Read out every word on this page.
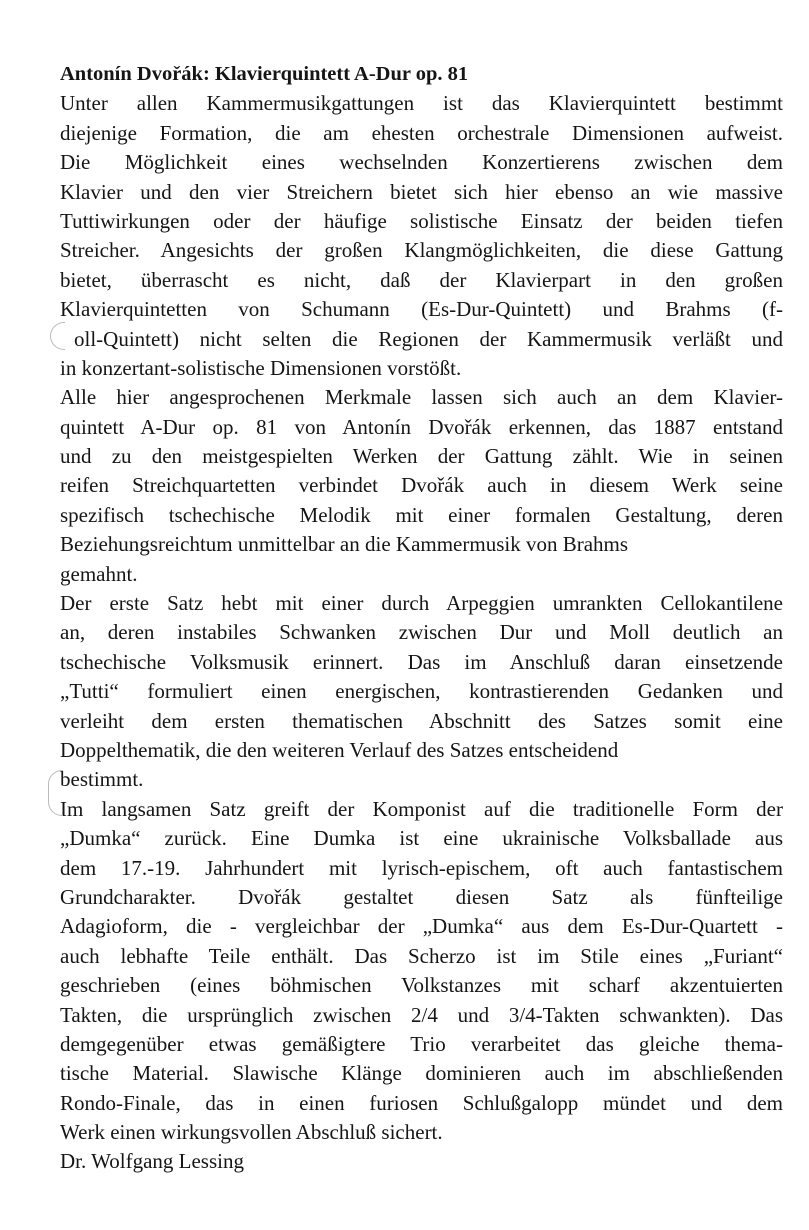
Antonín Dvořák: Klavierquintett A-Dur op. 81
Unter allen Kammermusikgattungen ist das Klavierquintett bestimmt
diejenige Formation, die am ehesten orchestrale Dimensionen aufweist.
Die Möglichkeit eines wechselnden Konzertierens zwischen dem
Klavier und den vier Streichern bietet sich hier ebenso an wie massive
Tuttiwirkungen oder der häufige solistische Einsatz der beiden tiefen
Streicher. Angesichts der großen Klangmöglichkeiten, die diese Gattung
bietet, überrascht es nicht, daß der Klavierpart in den großen
Klavierquintetten von Schumann (Es-Dur-Quintett) und Brahms (f-
oll-Quintett) nicht selten die Regionen der Kammermusik verläßt und
in konzertant-solistische Dimensionen vorstößt.
Alle hier angesprochenen Merkmale lassen sich auch an dem Klavier-
quintett A-Dur op. 81 von Antonín Dvořák erkennen, das 1887 entstand
und zu den meistgespielten Werken der Gattung zählt. Wie in seinen
reifen Streichquartetten verbindet Dvořák auch in diesem Werk seine
spezifisch tschechische Melodik mit einer formalen Gestaltung, deren
Beziehungsreichtum unmittelbar an die Kammermusik von Brahms
gemahnt.
Der erste Satz hebt mit einer durch Arpeggien umrankten Cellokantilene
an, deren instabiles Schwanken zwischen Dur und Moll deutlich an
tschechische Volksmusik erinnert. Das im Anschluß daran einsetzende
„Tutti“ formuliert einen energischen, kontrastierenden Gedanken und
verleiht dem ersten thematischen Abschnitt des Satzes somit eine
Doppelthematik, die den weiteren Verlauf des Satzes entscheidend
bestimmt.
Im langsamen Satz greift der Komponist auf die traditionelle Form der
„Dumka“ zurück. Eine Dumka ist eine ukrainische Volksballade aus
dem 17.-19. Jahrhundert mit lyrisch-epischem, oft auch fantastischem
Grundcharakter. Dvořák gestaltet diesen Satz als fünfteilige
Adagioform, die - vergleichbar der „Dumka“ aus dem Es-Dur-Quartett -
auch lebhafte Teile enthält. Das Scherzo ist im Stile eines „Furiant“
geschrieben (eines böhmischen Volkstanzes mit scharf akzentuierten
Takten, die ursprünglich zwischen 2/4 und 3/4-Takten schwankten). Das
demgegenüber etwas gemäßigtere Trio verarbeitet das gleiche thema-
tische Material. Slawische Klänge dominieren auch im abschließenden
Rondo-Finale, das in einen furiosen Schlußgalopp mündet und dem
Werk einen wirkungsvollen Abschluß sichert.
Dr. Wolfgang Lessing
